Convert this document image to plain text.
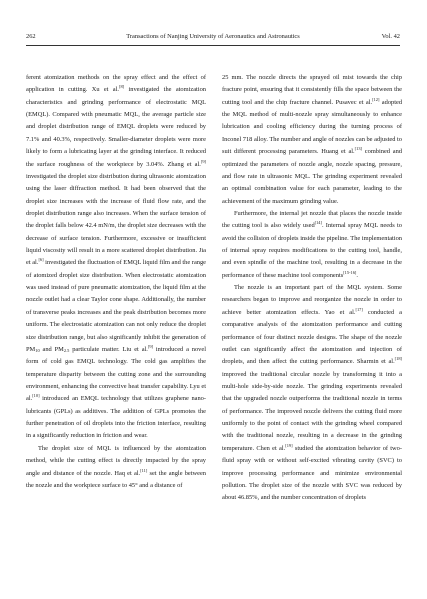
262	Transactions of Nanjing University of Aeronautics and Astronautics	Vol. 42

ferent atomization methods on the spray effect and the effect of application in cutting. Xu et al.[8] investigated the atomization characteristics and grinding performance of electrostatic MQL (EMQL). Compared with pneumatic MQL, the average particle size and droplet distribution range of EMQL droplets were reduced by 7.1% and 40.3%, respectively. Smaller-diameter droplets were more likely to form a lubricating layer at the grinding interface. It reduced the surface roughness of the workpiece by 3.04%. Zhang et al.[9] investigated the droplet size distribution during ultrasonic atomization using the laser diffraction method. It had been observed that the droplet size increases with the increase of fluid flow rate, and the droplet distribution range also increases. When the surface tension of the droplet falls below 42.4 mN/m, the droplet size decreases with the decrease of surface tension. Furthermore, excessive or insufficient liquid viscosity will result in a more scattered droplet distribution. Jia et al.[6] investigated the fluctuation of EMQL liquid film and the range of atomized droplet size distribution. When electrostatic atomization was used instead of pure pneumatic atomization, the liquid film at the nozzle outlet had a clear Taylor cone shape. Additionally, the number of transverse peaks increases and the peak distribution becomes more uniform. The electrostatic atomization can not only reduce the droplet size distribution range, but also significantly inhibit the generation of $PM_{10}$ and $PM_{2.5}$ particulate matter. Liu et al.[9] introduced a novel form of cold gas EMQL technology. The cold gas amplifies the temperature disparity between the cutting zone and the surrounding environment, enhancing the convective heat transfer capability. Lyu et al.[10] introduced an EMQL technology that utilizes graphene nano-lubricants (GPLs) as additives. The addition of GPLs promotes the further penetration of oil droplets into the friction interface, resulting in a significantly reduction in friction and wear.

The droplet size of MQL is influenced by the atomization method, while the cutting effect is directly impacted by the spray angle and distance of the nozzle. Haq et al.[11] set the angle between the nozzle and the workpiece surface to 45° and a distance of

25 mm. The nozzle directs the sprayed oil mist towards the chip fracture point, ensuring that it consistently fills the space between the cutting tool and the chip fracture channel. Pusavec et al.[12] adopted the MQL method of multi-nozzle spray simultaneously to enhance lubrication and cooling efficiency during the turning process of Inconel 718 alloy. The number and angle of nozzles can be adjusted to suit different processing parameters. Huang et al.[13] combined and optimized the parameters of nozzle angle, nozzle spacing, pressure, and flow rate in ultrasonic MQL. The grinding experiment revealed an optimal combination value for each parameter, leading to the achievement of the maximum grinding value.

Furthermore, the internal jet nozzle that places the nozzle inside the cutting tool is also widely used[14]. Internal spray MQL needs to avoid the collision of droplets inside the pipeline. The implementation of internal spray requires modifications to the cutting tool, handle, and even spindle of the machine tool, resulting in a decrease in the performance of these machine tool components[15-16].

The nozzle is an important part of the MQL system. Some researchers began to improve and reorganize the nozzle in order to achieve better atomization effects. Yao et al.[17] conducted a comparative analysis of the atomization performance and cutting performance of four distinct nozzle designs. The shape of the nozzle outlet can significantly affect the atomization and injection of droplets, and then affect the cutting performance. Sharmin et al.[18] improved the traditional circular nozzle by transforming it into a multi-hole side-by-side nozzle. The grinding experiments revealed that the upgraded nozzle outperforms the traditional nozzle in terms of performance. The improved nozzle delivers the cutting fluid more uniformly to the point of contact with the grinding wheel compared with the traditional nozzle, resulting in a decrease in the grinding temperature. Chen et al.[19] studied the atomization behavior of two-fluid spray with or without self-excited vibrating cavity (SVC) to improve processing performance and minimize environmental pollution. The droplet size of the nozzle with SVC was reduced by about 46.85%, and the number concentration of droplets
